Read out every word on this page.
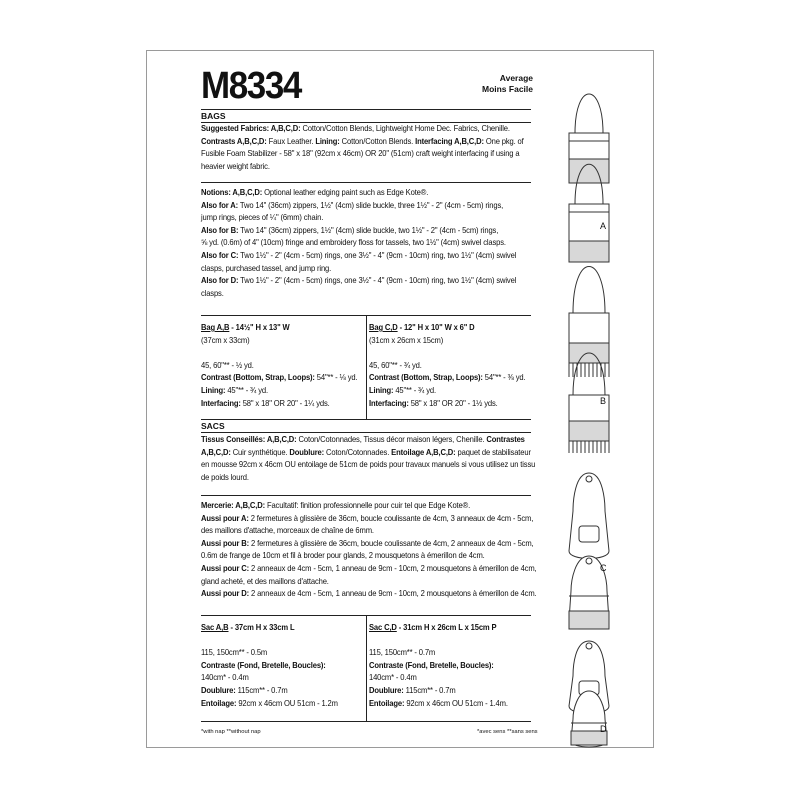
M8334	Average
Moins Facile
BAGS
Suggested Fabrics: A,B,C,D: Cotton/Cotton Blends, Lightweight Home Dec. Fabrics, Chenille.
Contrasts A,B,C,D: Faux Leather. Lining: Cotton/Cotton Blends. Interfacing A,B,C,D: One pkg. of
Fusible Foam Stabilizer - 58" x 18" (92cm x 46cm) OR 20" (51cm) craft weight interfacing if using a
heavier weight fabric.
Notions: A,B,C,D: Optional leather edging paint such as Edge Kote®.
Also for A: Two 14" (36cm) zippers, 1½" (4cm) slide buckle, three 1½" - 2" (4cm - 5cm) rings,
jump rings, pieces of ¼" (6mm) chain.
Also for B: Two 14" (36cm) zippers, 1½" (4cm) slide buckle, two 1½" - 2" (4cm - 5cm) rings,
⅝ yd. (0.6m) of 4" (10cm) fringe and embroidery floss for tassels, two 1½" (4cm) swivel clasps.
Also for C: Two 1½" - 2" (4cm - 5cm) rings, one 3½" - 4" (9cm - 10cm) ring, two 1½" (4cm) swivel
clasps, purchased tassel, and jump ring.
Also for D: Two 1½" - 2" (4cm - 5cm) rings, one 3½" - 4" (9cm - 10cm) ring, two 1½" (4cm) swivel
clasps.
Bag A,B - 14½" H x 13" W
(37cm x 33cm)

45, 60"** - ½ yd.
Contrast (Bottom, Strap, Loops): 54"** - ⅛ yd.
Lining: 45"** - ¾ yd.
Interfacing: 58" x 18" OR 20" - 1¼ yds.
Bag C,D - 12" H x 10" W x 6" D
(31cm x 26cm x 15cm)

45, 60"** - ¾ yd.
Contrast (Bottom, Strap, Loops): 54"** - ⅜ yd.
Lining: 45"** - ¾ yd.
Interfacing: 58" x 18" OR 20" - 1½ yds.
SACS
Tissus Conseillés: A,B,C,D: Coton/Cotonnades, Tissus décor maison légers, Chenille. Contrastes
A,B,C,D: Cuir synthétique. Doublure: Coton/Cotonnades. Entoilage A,B,C,D: paquet de stabilisateur
en mousse 92cm x 46cm OU entoilage de 51cm de poids pour travaux manuels si vous utilisez un tissu
de poids lourd.
Mercerie: A,B,C,D: Facultatif: finition professionnelle pour cuir tel que Edge Kote®.
Aussi pour A: 2 fermetures à glissière de 36cm, boucle coulissante de 4cm, 3 anneaux de 4cm - 5cm,
des maillons d'attache, morceaux de chaîne de 6mm.
Aussi pour B: 2 fermetures à glissière de 36cm, boucle coulissante de 4cm, 2 anneaux de 4cm - 5cm,
0.6m de frange de 10cm et fil à broder pour glands, 2 mousquetons à émerillon de 4cm.
Aussi pour C: 2 anneaux de 4cm - 5cm, 1 anneau de 9cm - 10cm, 2 mousquetons à émerillon de 4cm,
gland acheté, et des maillons d'attache.
Aussi pour D: 2 anneaux de 4cm - 5cm, 1 anneau de 9cm - 10cm, 2 mousquetons à émerillon de 4cm.
Sac A,B - 37cm H x 33cm L

115, 150cm** - 0.5m
Contraste (Fond, Bretelle, Boucles):
140cm* - 0.4m
Doublure: 115cm** - 0.7m
Entoilage: 92cm x 46cm OU 51cm - 1.2m
Sac C,D - 31cm H x 26cm L x 15cm P

115, 150cm** - 0.7m
Contraste (Fond, Bretelle, Boucles):
140cm* - 0.4m
Doublure: 115cm** - 0.7m
Entoilage: 92cm x 46cm OU 51cm - 1.4m.
*with nap **without nap	*avec sens **sans sens
A
B
C
D
